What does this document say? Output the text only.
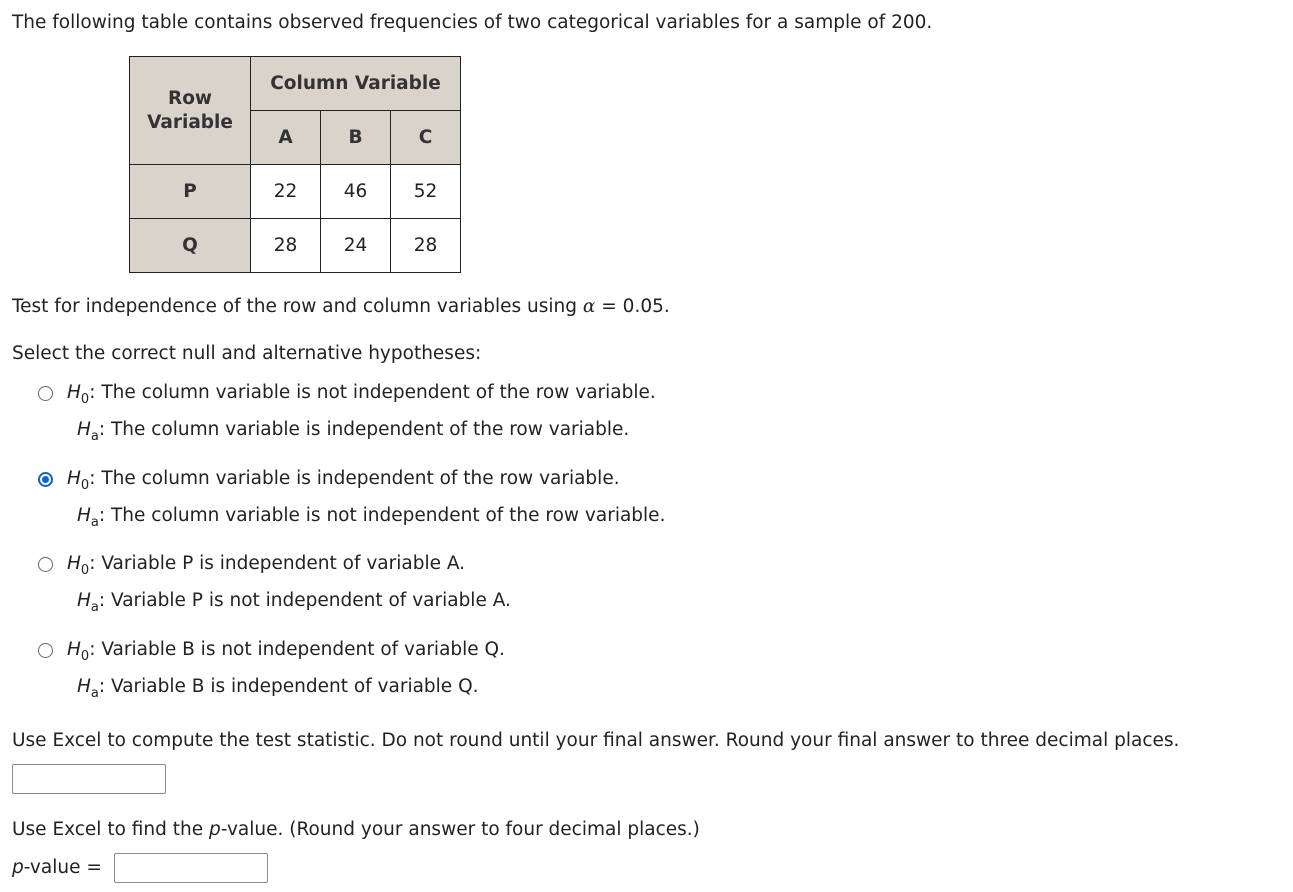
The following table contains observed frequencies of two categorical variables for a sample of 200.

Row
Variable	Column Variable		
	A	B	C
P	22	46	52
Q	28	24	28

Test for independence of the row and column variables using α = 0.05.

Select the correct null and alternative hypotheses:

$H_0$: The column variable is not independent of the row variable.
$H_a$: The column variable is independent of the row variable.
$H_0$: The column variable is independent of the row variable.
$H_a$: The column variable is not independent of the row variable.
$H_0$: Variable P is independent of variable A.
$H_a$: Variable P is not independent of variable A.
$H_0$: Variable B is not independent of variable Q.
$H_a$: Variable B is independent of variable Q.

Use Excel to compute the test statistic. Do not round until your final answer. Round your final answer to three decimal places.

Use Excel to find the p-value. (Round your answer to four decimal places.)

p-value =
